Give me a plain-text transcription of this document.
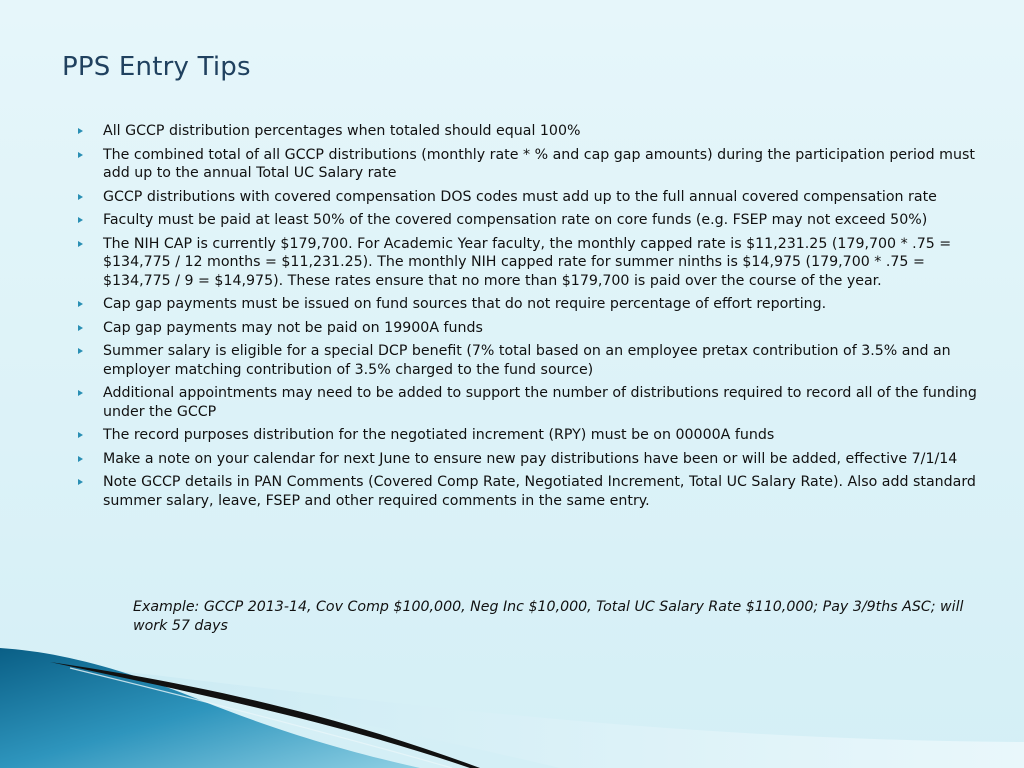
PPS Entry Tips
All GCCP distribution percentages when totaled should equal 100%
The combined total of all GCCP distributions (monthly rate * % and cap gap amounts) during the participation period must add up to the annual Total UC Salary rate
GCCP distributions with covered compensation DOS codes must add up to the full annual covered compensation rate
Faculty must be paid at least 50% of the covered compensation rate on core funds (e.g. FSEP may not exceed 50%)
The NIH CAP is currently $179,700. For Academic Year faculty, the monthly capped rate is $11,231.25 (179,700 * .75 = $134,775 / 12 months = $11,231.25). The monthly NIH capped rate for summer ninths is $14,975 (179,700 * .75 = $134,775 / 9 = $14,975). These rates ensure that no more than $179,700 is paid over the course of the year.
Cap gap payments must be issued on fund sources that do not require percentage of effort reporting.
Cap gap payments may not be paid on 19900A funds
Summer salary is eligible for a special DCP benefit (7% total based on an employee pretax contribution of 3.5% and an employer matching contribution of 3.5% charged to the fund source)
Additional appointments may need to be added to support the number of distributions required to record all of the funding under the GCCP
The record purposes distribution for the negotiated increment (RPY) must be on 00000A funds
Make a note on your calendar for next June to ensure new pay distributions have been or will be added, effective 7/1/14
Note GCCP details in PAN Comments (Covered Comp Rate, Negotiated Increment, Total UC Salary Rate). Also add standard summer salary, leave, FSEP and other required comments in the same entry.
Example: GCCP 2013-14, Cov Comp $100,000, Neg Inc $10,000, Total UC Salary Rate $110,000; Pay 3/9ths ASC; will work 57 days
